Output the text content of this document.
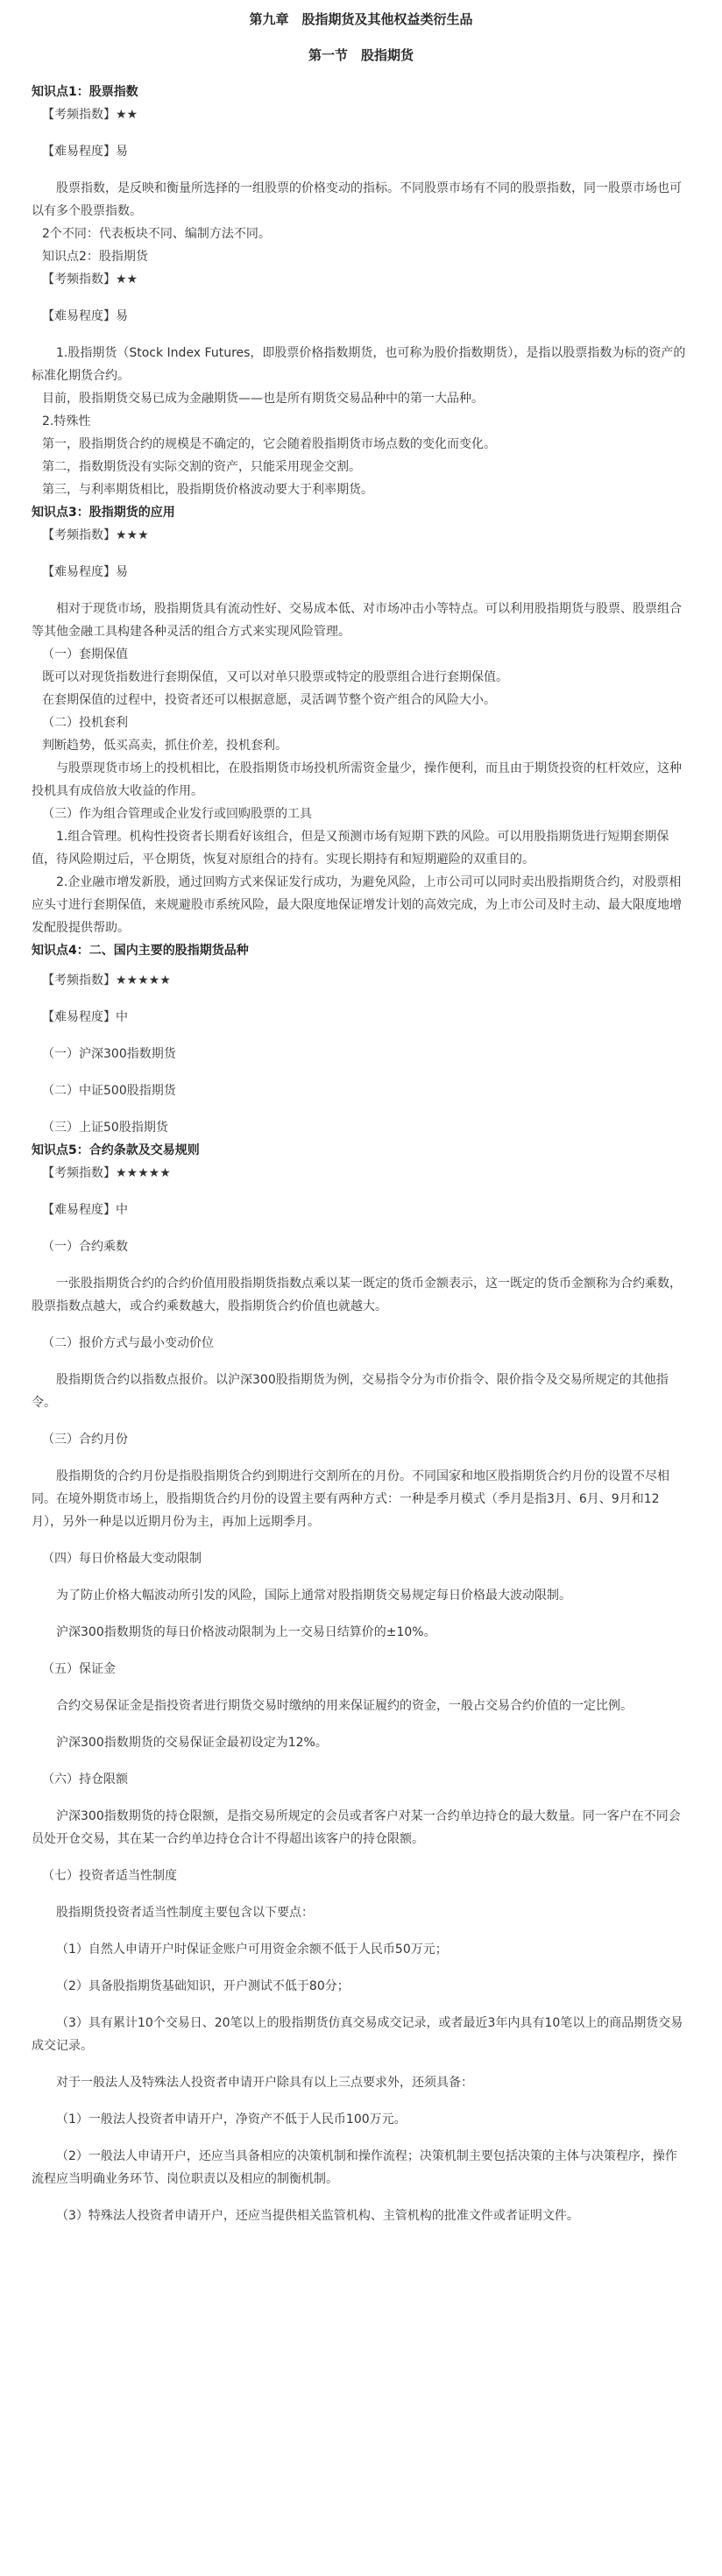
第九章　股指期货及其他权益类衍生品
第一节　股指期货
知识点1：股票指数
【考频指数】★★
【难易程度】易
股票指数，是反映和衡量所选择的一组股票的价格变动的指标。不同股票市场有不同的股票指数，同一股票市场也可以有多个股票指数。
2个不同：代表板块不同、编制方法不同。
知识点2：股指期货
【考频指数】★★
【难易程度】易
1.股指期货（Stock Index Futures，即股票价格指数期货，也可称为股价指数期货），是指以股票指数为标的资产的标准化期货合约。
目前，股指期货交易已成为金融期货——也是所有期货交易品种中的第一大品种。
2.特殊性
第一，股指期货合约的规模是不确定的，它会随着股指期货市场点数的变化而变化。
第二，指数期货没有实际交割的资产，只能采用现金交割。
第三，与利率期货相比，股指期货价格波动要大于利率期货。
知识点3：股指期货的应用
【考频指数】★★★
【难易程度】易
相对于现货市场，股指期货具有流动性好、交易成本低、对市场冲击小等特点。可以利用股指期货与股票、股票组合等其他金融工具构建各种灵活的组合方式来实现风险管理。
（一）套期保值
既可以对现货指数进行套期保值，又可以对单只股票或特定的股票组合进行套期保值。
在套期保值的过程中，投资者还可以根据意愿，灵活调节整个资产组合的风险大小。
（二）投机套利
判断趋势，低买高卖，抓住价差，投机套利。
与股票现货市场上的投机相比，在股指期货市场投机所需资金量少，操作便利，而且由于期货投资的杠杆效应，这种投机具有成倍放大收益的作用。
（三）作为组合管理或企业发行或回购股票的工具
1.组合管理。机构性投资者长期看好该组合，但是又预测市场有短期下跌的风险。可以用股指期货进行短期套期保值，待风险期过后，平仓期货，恢复对原组合的持有。实现长期持有和短期避险的双重目的。
2.企业融市增发新股，通过回购方式来保证发行成功，为避免风险，上市公司可以同时卖出股指期货合约，对股票相应头寸进行套期保值，来规避股市系统风险，最大限度地保证增发计划的高效完成，为上市公司及时主动、最大限度地增发配股提供帮助。
知识点4：二、国内主要的股指期货品种
【考频指数】★★★★★
【难易程度】中
（一）沪深300指数期货
（二）中证500股指期货
（三）上证50股指期货
知识点5：合约条款及交易规则
【考频指数】★★★★★
【难易程度】中
（一）合约乘数
一张股指期货合约的合约价值用股指期货指数点乘以某一既定的货币金额表示，这一既定的货币金额称为合约乘数，股票指数点越大，或合约乘数越大，股指期货合约价值也就越大。
（二）报价方式与最小变动价位
股指期货合约以指数点报价。以沪深300股指期货为例，交易指令分为市价指令、限价指令及交易所规定的其他指令。
（三）合约月份
股指期货的合约月份是指股指期货合约到期进行交割所在的月份。不同国家和地区股指期货合约月份的设置不尽相同。在境外期货市场上，股指期货合约月份的设置主要有两种方式：一种是季月模式（季月是指3月、6月、9月和12月），另外一种是以近期月份为主，再加上远期季月。
（四）每日价格最大变动限制
为了防止价格大幅波动所引发的风险，国际上通常对股指期货交易规定每日价格最大波动限制。
沪深300指数期货的每日价格波动限制为上一交易日结算价的±10%。
（五）保证金
合约交易保证金是指投资者进行期货交易时缴纳的用来保证履约的资金，一般占交易合约价值的一定比例。
沪深300指数期货的交易保证金最初设定为12%。
（六）持仓限额
沪深300指数期货的持仓限额，是指交易所规定的会员或者客户对某一合约单边持仓的最大数量。同一客户在不同会员处开仓交易，其在某一合约单边持仓合计不得超出该客户的持仓限额。
（七）投资者适当性制度
股指期货投资者适当性制度主要包含以下要点：
（1）自然人申请开户时保证金账户可用资金余额不低于人民币50万元；
（2）具备股指期货基础知识，开户测试不低于80分；
（3）具有累计10个交易日、20笔以上的股指期货仿真交易成交记录，或者最近3年内具有10笔以上的商品期货交易成交记录。
对于一般法人及特殊法人投资者申请开户除具有以上三点要求外，还须具备：
（1）一般法人投资者申请开户，净资产不低于人民币100万元。
（2）一般法人申请开户，还应当具备相应的决策机制和操作流程；决策机制主要包括决策的主体与决策程序，操作流程应当明确业务环节、岗位职责以及相应的制衡机制。
（3）特殊法人投资者申请开户，还应当提供相关监管机构、主管机构的批准文件或者证明文件。
